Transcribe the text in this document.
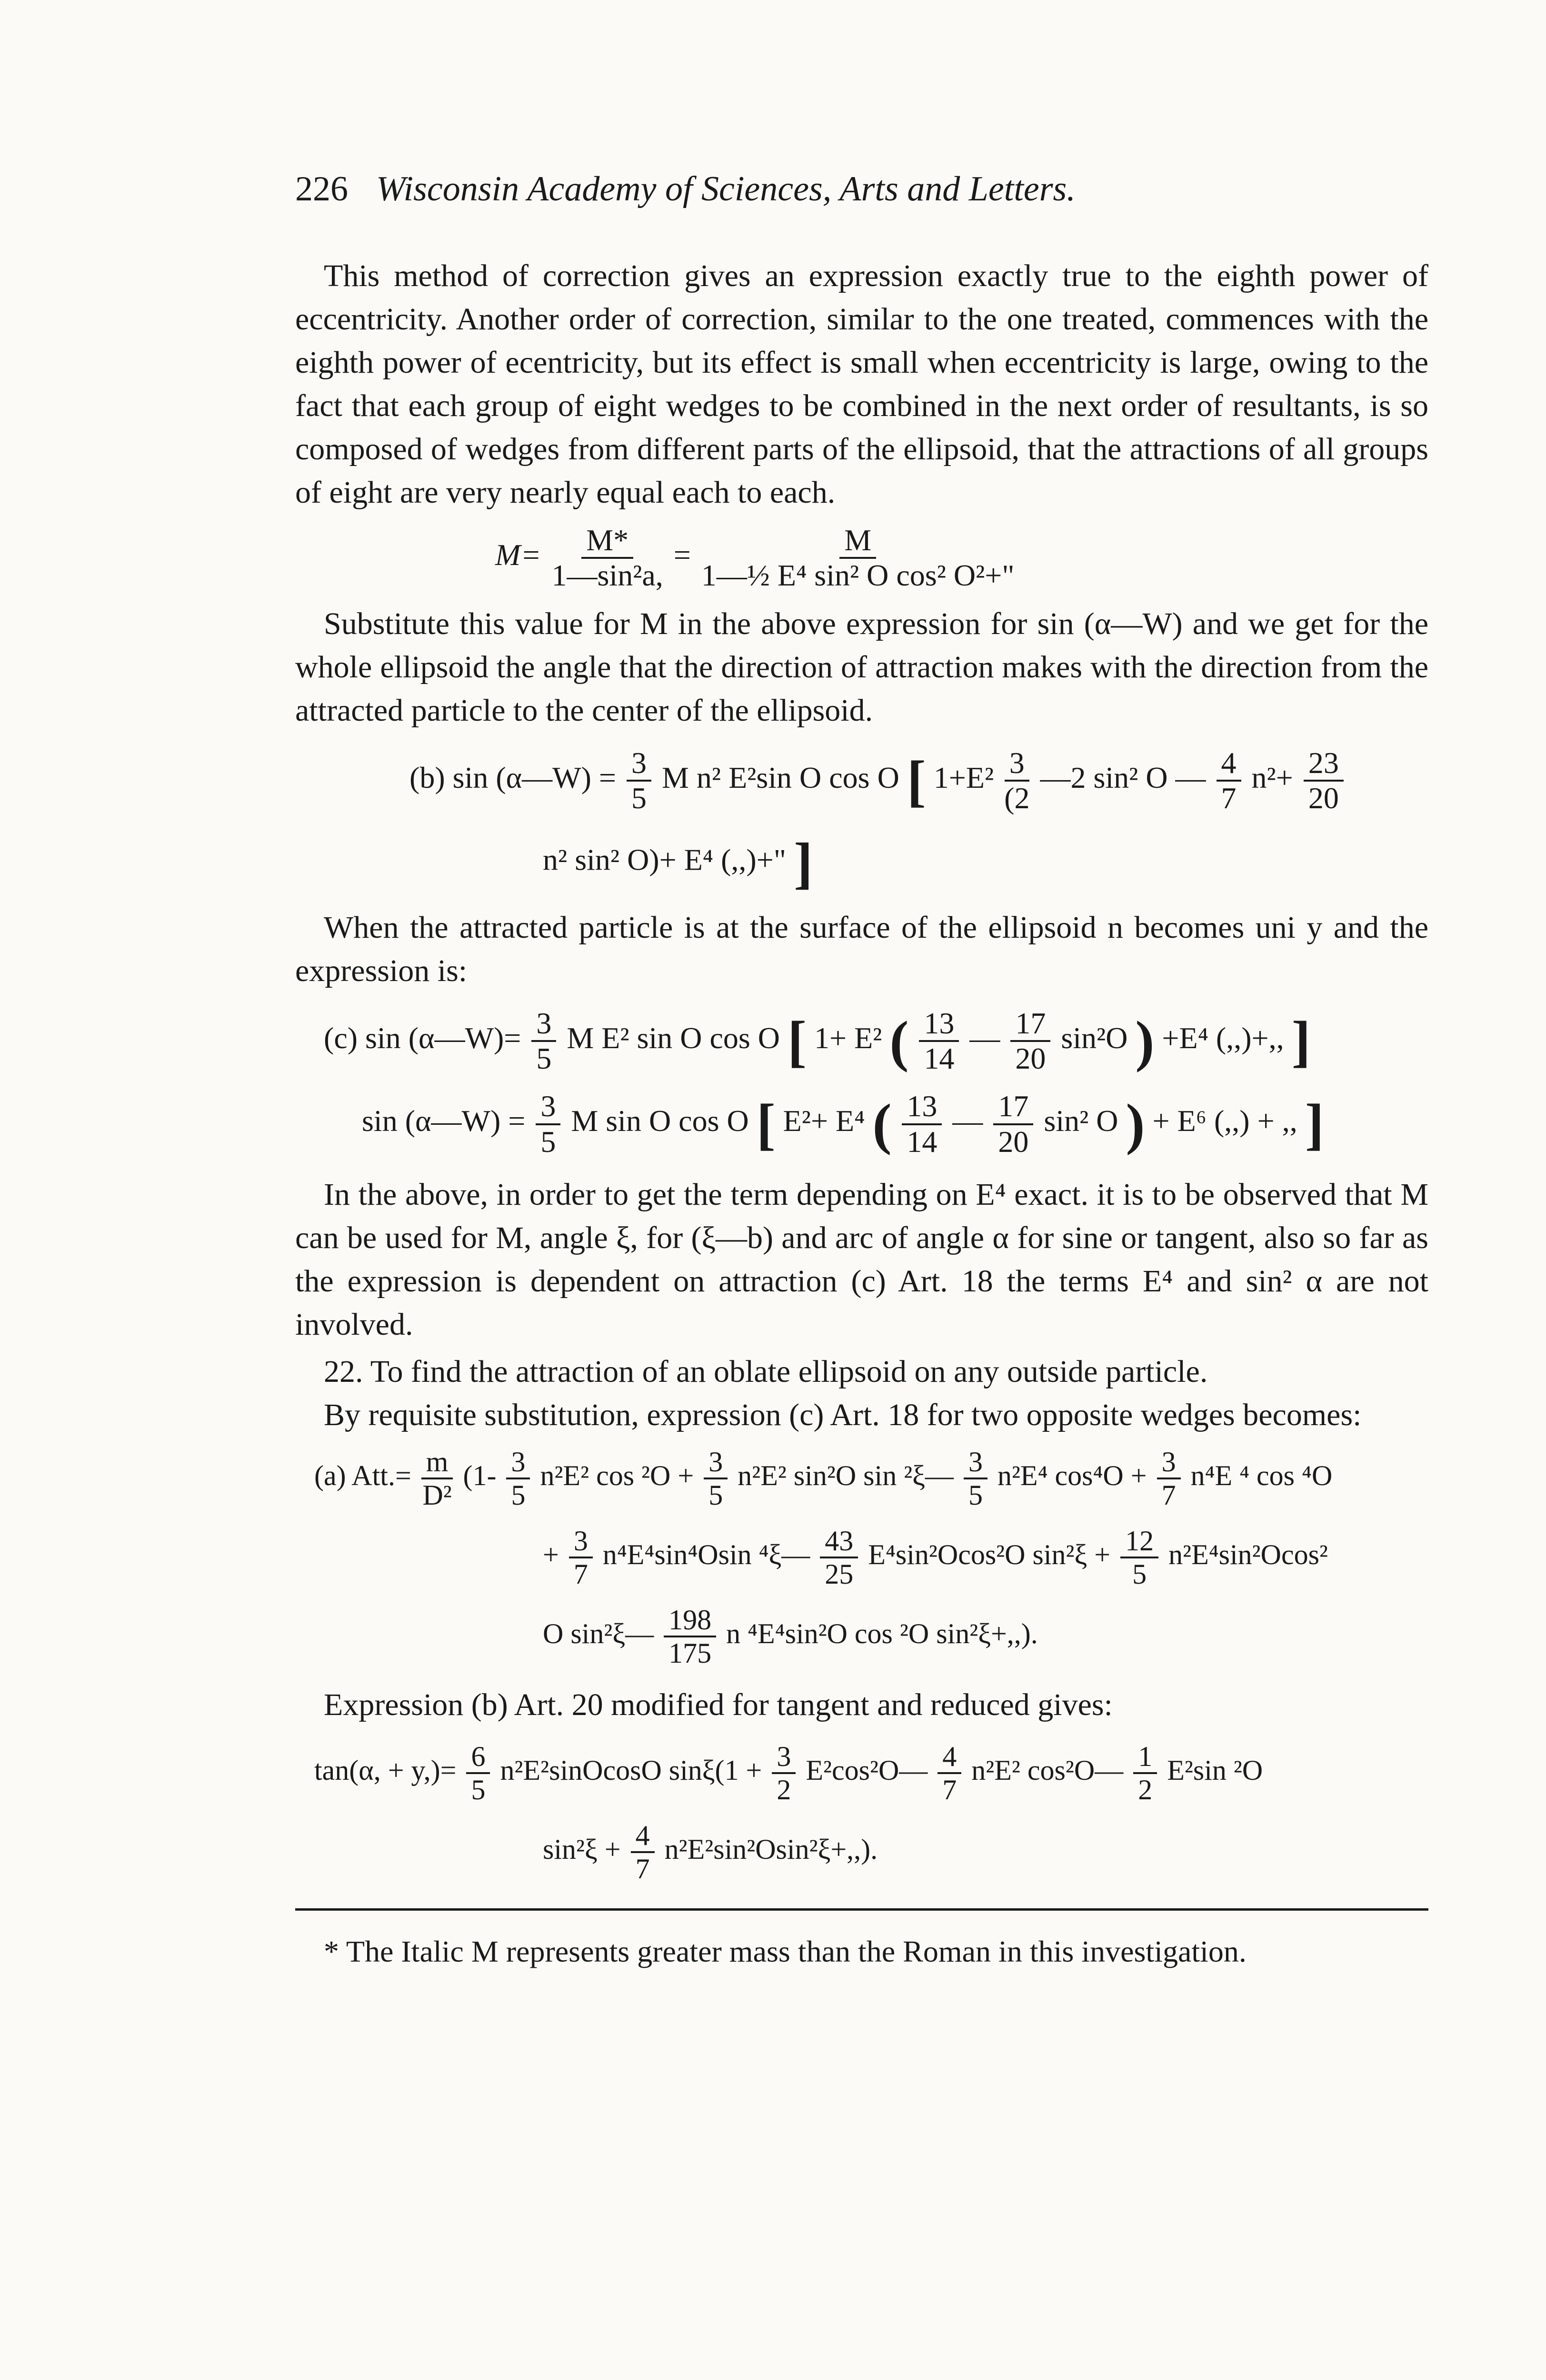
226 Wisconsin Academy of Sciences, Arts and Letters.

This method of correction gives an expression exactly true to the eighth power of eccentricity. Another order of correction, similar to the one treated, commences with the eighth power of ecentricity, but its effect is small when eccentricity is large, owing to the fact that each group of eight wedges to be combined in the next order of resultants, is so composed of wedges from different parts of the ellipsoid, that the attractions of all groups of eight are very nearly equal each to each.

$M= \frac{M*}{\text{1—sin²a,}} = \frac{M}{\text{1—½ E⁴ sin² O cos² O²+"}}$

Substitute this value for M in the above expression for sin (α—W) and we get for the whole ellipsoid the angle that the direction of attraction makes with the direction from the attracted particle to the center of the ellipsoid.

(b) sin (α—W) = $\frac{3}{5}$ M n² E²sin O cos O [ $1+E^2 \frac{3}{(2}$ —2 sin² O — $\frac{4}{7} n^2+ \frac{23}{20}$
n² sin² O)+ E⁴ (,,)+" ]

When the attracted particle is at the surface of the ellipsoid n becomes uni y and the expression is:

(c) sin (α—W)= $\frac{3}{5}$ M E² sin O cos O [ 1+ E² ( $\frac{13}{14}$ — $\frac{17}{20} \sin^2O$ ) +E⁴ (,,)+,, ]
sin (α—W) = $\frac{3}{5}$ M sin O cos O [ E²+ E⁴ ( $\frac{13}{14}$ — $\frac{17}{20} \sin^2$ O ) + E⁶ (,,) + ,, ]

In the above, in order to get the term depending on E⁴ exact. it is to be observed that M can be used for M, angle ξ, for (ξ—b) and arc of angle α for sine or tangent, also so far as the expression is dependent on attraction (c) Art. 18 the terms E⁴ and sin² α are not involved.

22. To find the attraction of an oblate ellipsoid on any outside particle.

By requisite substitution, expression (c) Art. 18 for two opposite wedges becomes:

(a) $Att.= \frac{m}{\text{D²}} (1- \frac{3}{5} n^2E^2$ $\cos ^2O + \frac{3}{5} n^2E^2$ sin²O sin ²ξ— $\frac{3}{5} n^2E^4$ $\cos^4O + \frac{3}{7} n^4E$ ⁴ cos ⁴O
+ $\frac{3}{7} n^4E^4\sin^4Osin$ ⁴ξ— $\frac{43}{25} E^4\sin^2Ocos^2O$ $\sin^2\xi + \frac{12}{5} n^2E^4\sin^2Ocos^2$
O sin²ξ— $\frac{198}{175}$ n ⁴E⁴sin²O cos ²O sin²ξ+,,).

Expression (b) Art. 20 modified for tangent and reduced gives:

tan(α, + $y,)= \frac{6}{5}$ n²E²sinOcosO $\sin\xi(1 + \frac{3}{2}$ E²cos²O— $\frac{4}{7} n^2E^2$ cos²O— $\frac{1}{2} E^2\sin$ ²O
$\sin^2\xi + \frac{4}{7} n^2E^2\sin^2Osin^2\xi+$,,).

* The Italic M represents greater mass than the Roman in this investigation.
